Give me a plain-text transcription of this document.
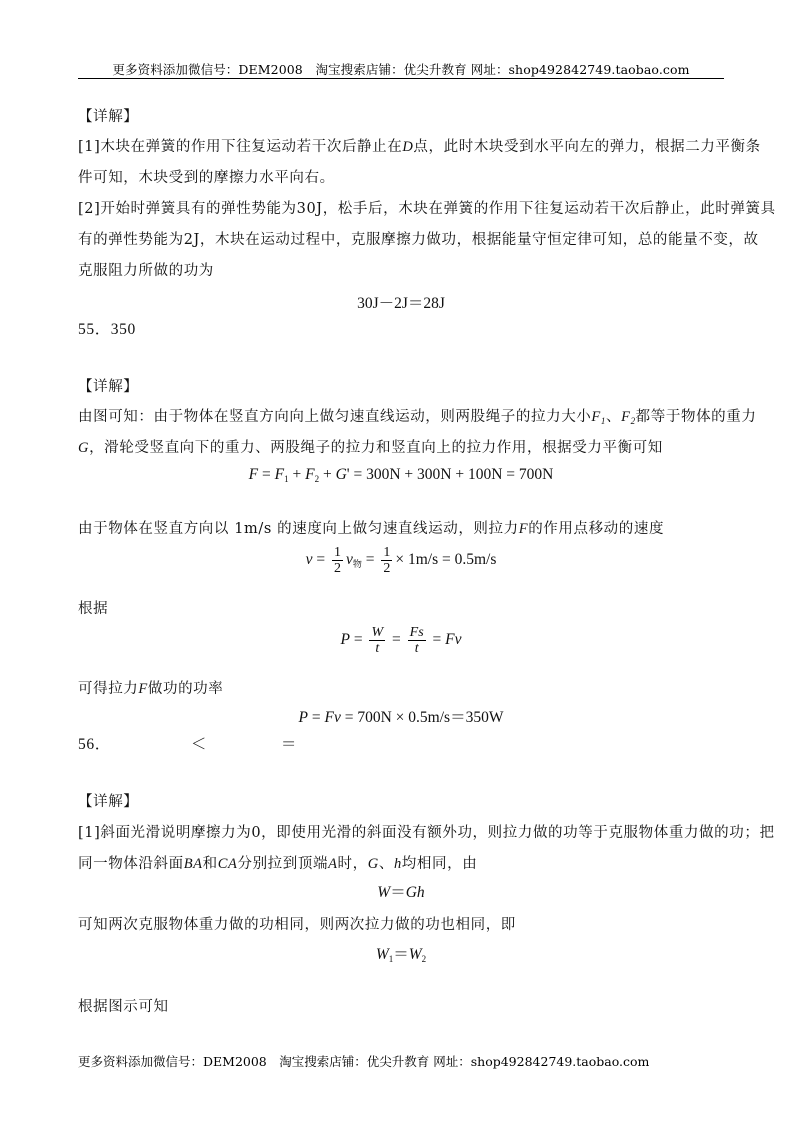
更多资料添加微信号：DEM2008　淘宝搜索店铺：优尖升教育 网址：shop492842749.taobao.com
【详解】
[1]木块在弹簧的作用下往复运动若干次后静止在D点，此时木块受到水平向左的弹力，根据二力平衡条
件可知，木块受到的摩擦力水平向右。
[2]开始时弹簧具有的弹性势能为30J，松手后，木块在弹簧的作用下往复运动若干次后静止，此时弹簧具
有的弹性势能为2J，木块在运动过程中，克服摩擦力做功，根据能量守恒定律可知，总的能量不变，故
克服阻力所做的功为
30J－2J＝28J
55．350
【详解】
由图可知：由于物体在竖直方向向上做匀速直线运动，则两股绳子的拉力大小$F_1$、$F_2$都等于物体的重力
G，滑轮受竖直向下的重力、两股绳子的拉力和竖直向上的拉力作用，根据受力平衡可知
$F = F_1 + F_2 + G' = 300N + 300N + 100N = 700N$
由于物体在竖直方向以 1m/s 的速度向上做匀速直线运动，则拉力F的作用点移动的速度
$v = \frac{1}{2} v_物 = \frac{1}{2} \times 1m/s = 0.5m/s$
根据
$P = \frac{W}{t} = \frac{Fs}{t} = Fv$
可得拉力F做功的功率
P = Fv = 700N × 0.5m/s＝350W
56．	＜	＝
【详解】
[1]斜面光滑说明摩擦力为0，即使用光滑的斜面没有额外功，则拉力做的功等于克服物体重力做的功；把
同一物体沿斜面BA和CA分别拉到顶端A时，G、h均相同，由
W＝Gh
可知两次克服物体重力做的功相同，则两次拉力做的功也相同，即
$W_1=W_2$
根据图示可知
更多资料添加微信号：DEM2008　淘宝搜索店铺：优尖升教育 网址：shop492842749.taobao.com
